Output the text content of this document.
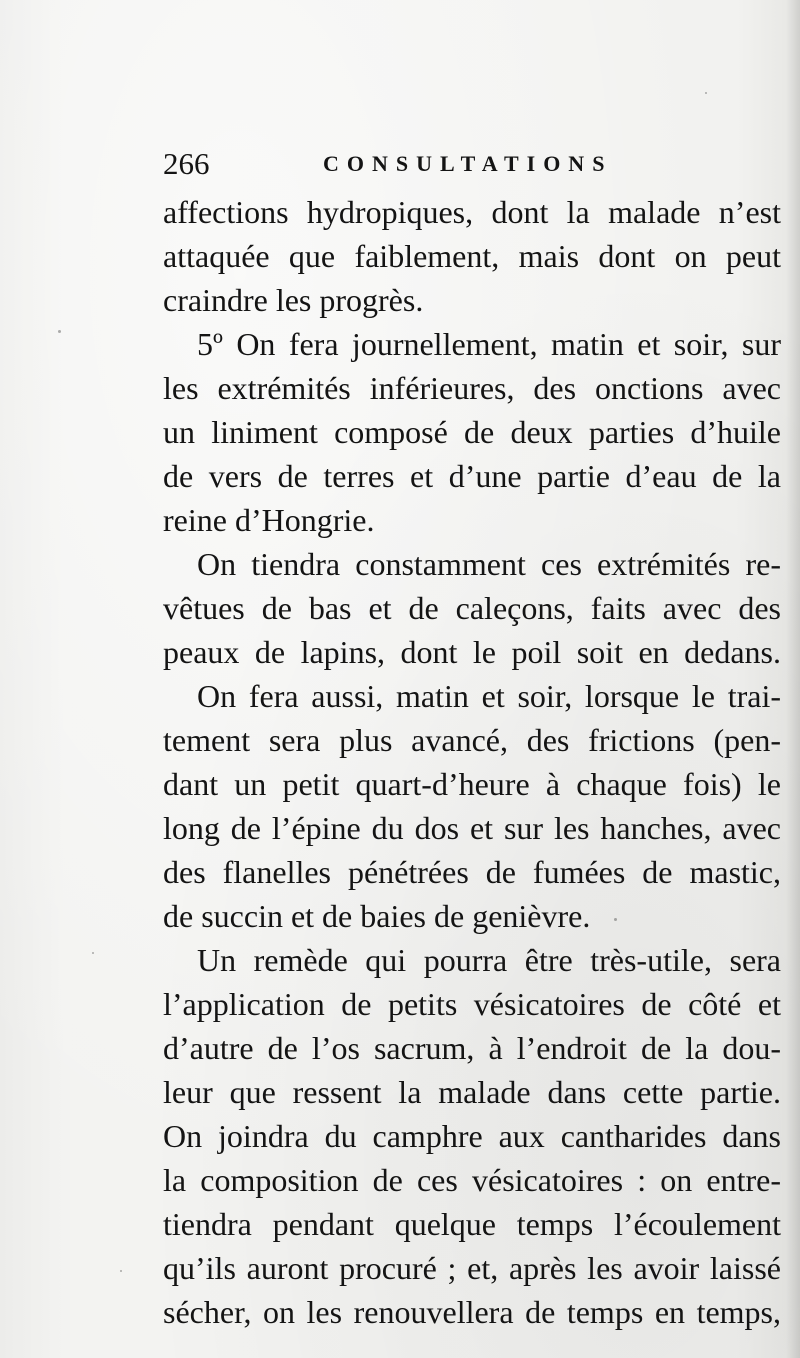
266	CONSULTATIONS
affections hydropiques, dont la malade n’est
attaquée que faiblement, mais dont on peut
craindre les progrès.
5º On fera journellement, matin et soir, sur
les extrémités inférieures, des onctions avec
un liniment composé de deux parties d’huile
de vers de terres et d’une partie d’eau de la
reine d’Hongrie.
On tiendra constamment ces extrémités re-
vêtues de bas et de caleçons, faits avec des
peaux de lapins, dont le poil soit en dedans.
On fera aussi, matin et soir, lorsque le trai-
tement sera plus avancé, des frictions (pen-
dant un petit quart-d’heure à chaque fois) le
long de l’épine du dos et sur les hanches, avec
des flanelles pénétrées de fumées de mastic,
de succin et de baies de genièvre.
Un remède qui pourra être très-utile, sera
l’application de petits vésicatoires de côté et
d’autre de l’os sacrum, à l’endroit de la dou-
leur que ressent la malade dans cette partie.
On joindra du camphre aux cantharides dans
la composition de ces vésicatoires : on entre-
tiendra pendant quelque temps l’écoulement
qu’ils auront procuré ; et, après les avoir laissé
sécher, on les renouvellera de temps en temps,
